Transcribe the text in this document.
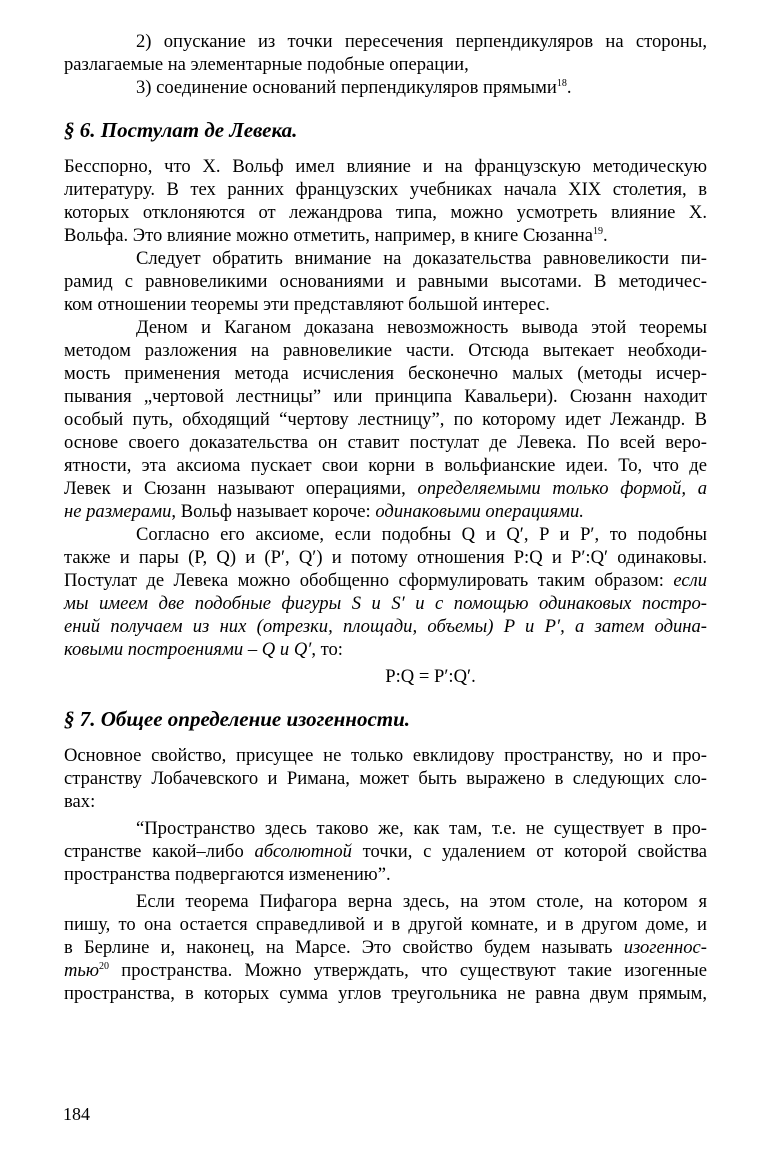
2) опускание из точки пересечения перпендикуляров на стороны,
разлагаемые на элементарные подобные операции,
3) соединение оснований перпендикуляров прямыми$^{18}$.
§ 6. Постулат де Левека.
Бесспорно, что Х. Вольф имел влияние и на французскую методическую
литературу. В тех ранних французских учебниках начала XIX столетия, в
которых отклоняются от лежандрова типа, можно усмотреть влияние Х.
Вольфа. Это влияние можно отметить, например, в книге Сюзанна$^{19}$.
Следует обратить внимание на доказательства равновеликости пи-
рамид с равновеликими основаниями и равными высотами. В методичес-
ком отношении теоремы эти представляют большой интерес.
Деном и Каганом доказана невозможность вывода этой теоремы
методом разложения на равновеликие части. Отсюда вытекает необходи-
мость применения метода исчисления бесконечно малых (методы исчер-
пывания „чертовой лестницы” или принципа Кавальери). Сюзанн находит
особый путь, обходящий “чертову лестницу”, по которому идет Лежандр. В
основе своего доказательства он ставит постулат де Левека. По всей веро-
ятности, эта аксиома пускает свои корни в вольфианские идеи. То, что де
Левек и Сюзанн называют операциями, определяемыми только формой, а
не размерами, Вольф называет короче: одинаковыми операциями.
Согласно его аксиоме, если подобны Q и Q′, P и P′, то подобны
также и пары (P, Q) и (P′, Q′) и потому отношения P:Q и P′:Q′ одинаковы.
Постулат де Левека можно обобщенно сформулировать таким образом: если
мы имеем две подобные фигуры S и S′ и с помощью одинаковых постро-
ений получаем из них (отрезки, площади, объемы) P и P′, а затем одина-
ковыми построениями – Q и Q′, то:
P:Q = P′:Q′.
§ 7. Общее определение изогенности.
Основное свойство, присущее не только евклидову пространству, но и про-
странству Лобачевского и Римана, может быть выражено в следующих сло-
вах:
“Пространство здесь таково же, как там, т.е. не существует в про-
странстве какой–либо абсолютной точки, с удалением от которой свойства
пространства подвергаются изменению”.
Если теорема Пифагора верна здесь, на этом столе, на котором я
пишу, то она остается справедливой и в другой комнате, и в другом доме, и
в Берлине и, наконец, на Марсе. Это свойство будем называть изогеннос-
тью$^{20}$ пространства. Можно утверждать, что существуют такие изогенные
пространства, в которых сумма углов треугольника не равна двум прямым,
184
